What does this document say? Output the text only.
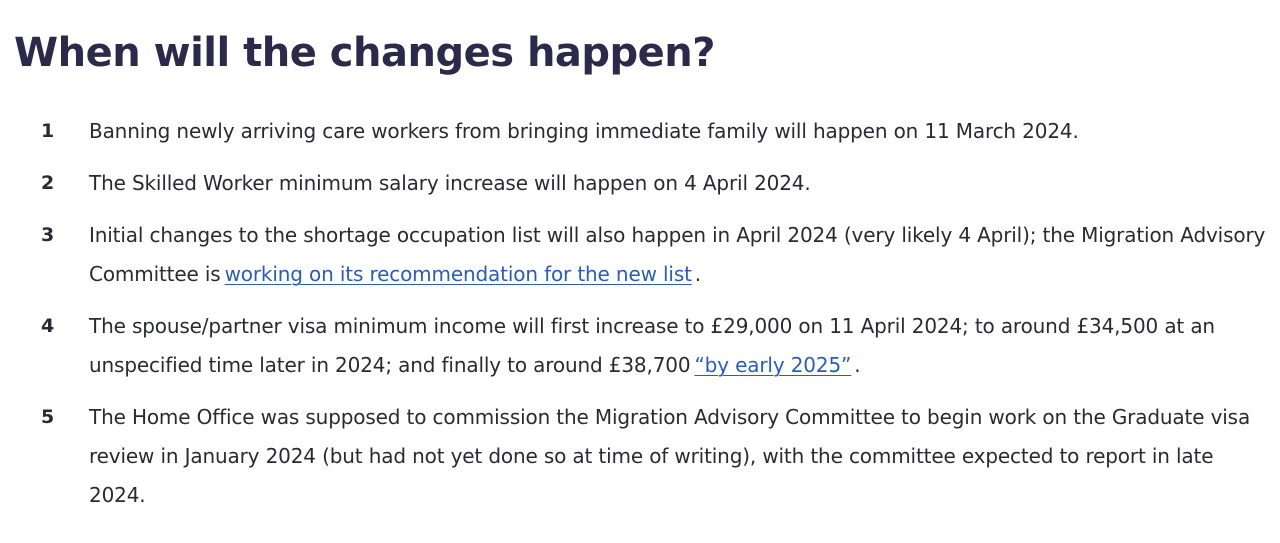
When will the changes happen?
1 Banning newly arriving care workers from bringing immediate family will happen on 11 March 2024.
2 The Skilled Worker minimum salary increase will happen on 4 April 2024.
3 Initial changes to the shortage occupation list will also happen in April 2024 (very likely 4 April); the Migration Advisory Committee is working on its recommendation for the new list .
4 The spouse/partner visa minimum income will first increase to £29,000 on 11 April 2024; to around £34,500 at an unspecified time later in 2024; and finally to around £38,700 “by early 2025” .
5 The Home Office was supposed to commission the Migration Advisory Committee to begin work on the Graduate visa review in January 2024 (but had not yet done so at time of writing), with the committee expected to report in late 2024.
